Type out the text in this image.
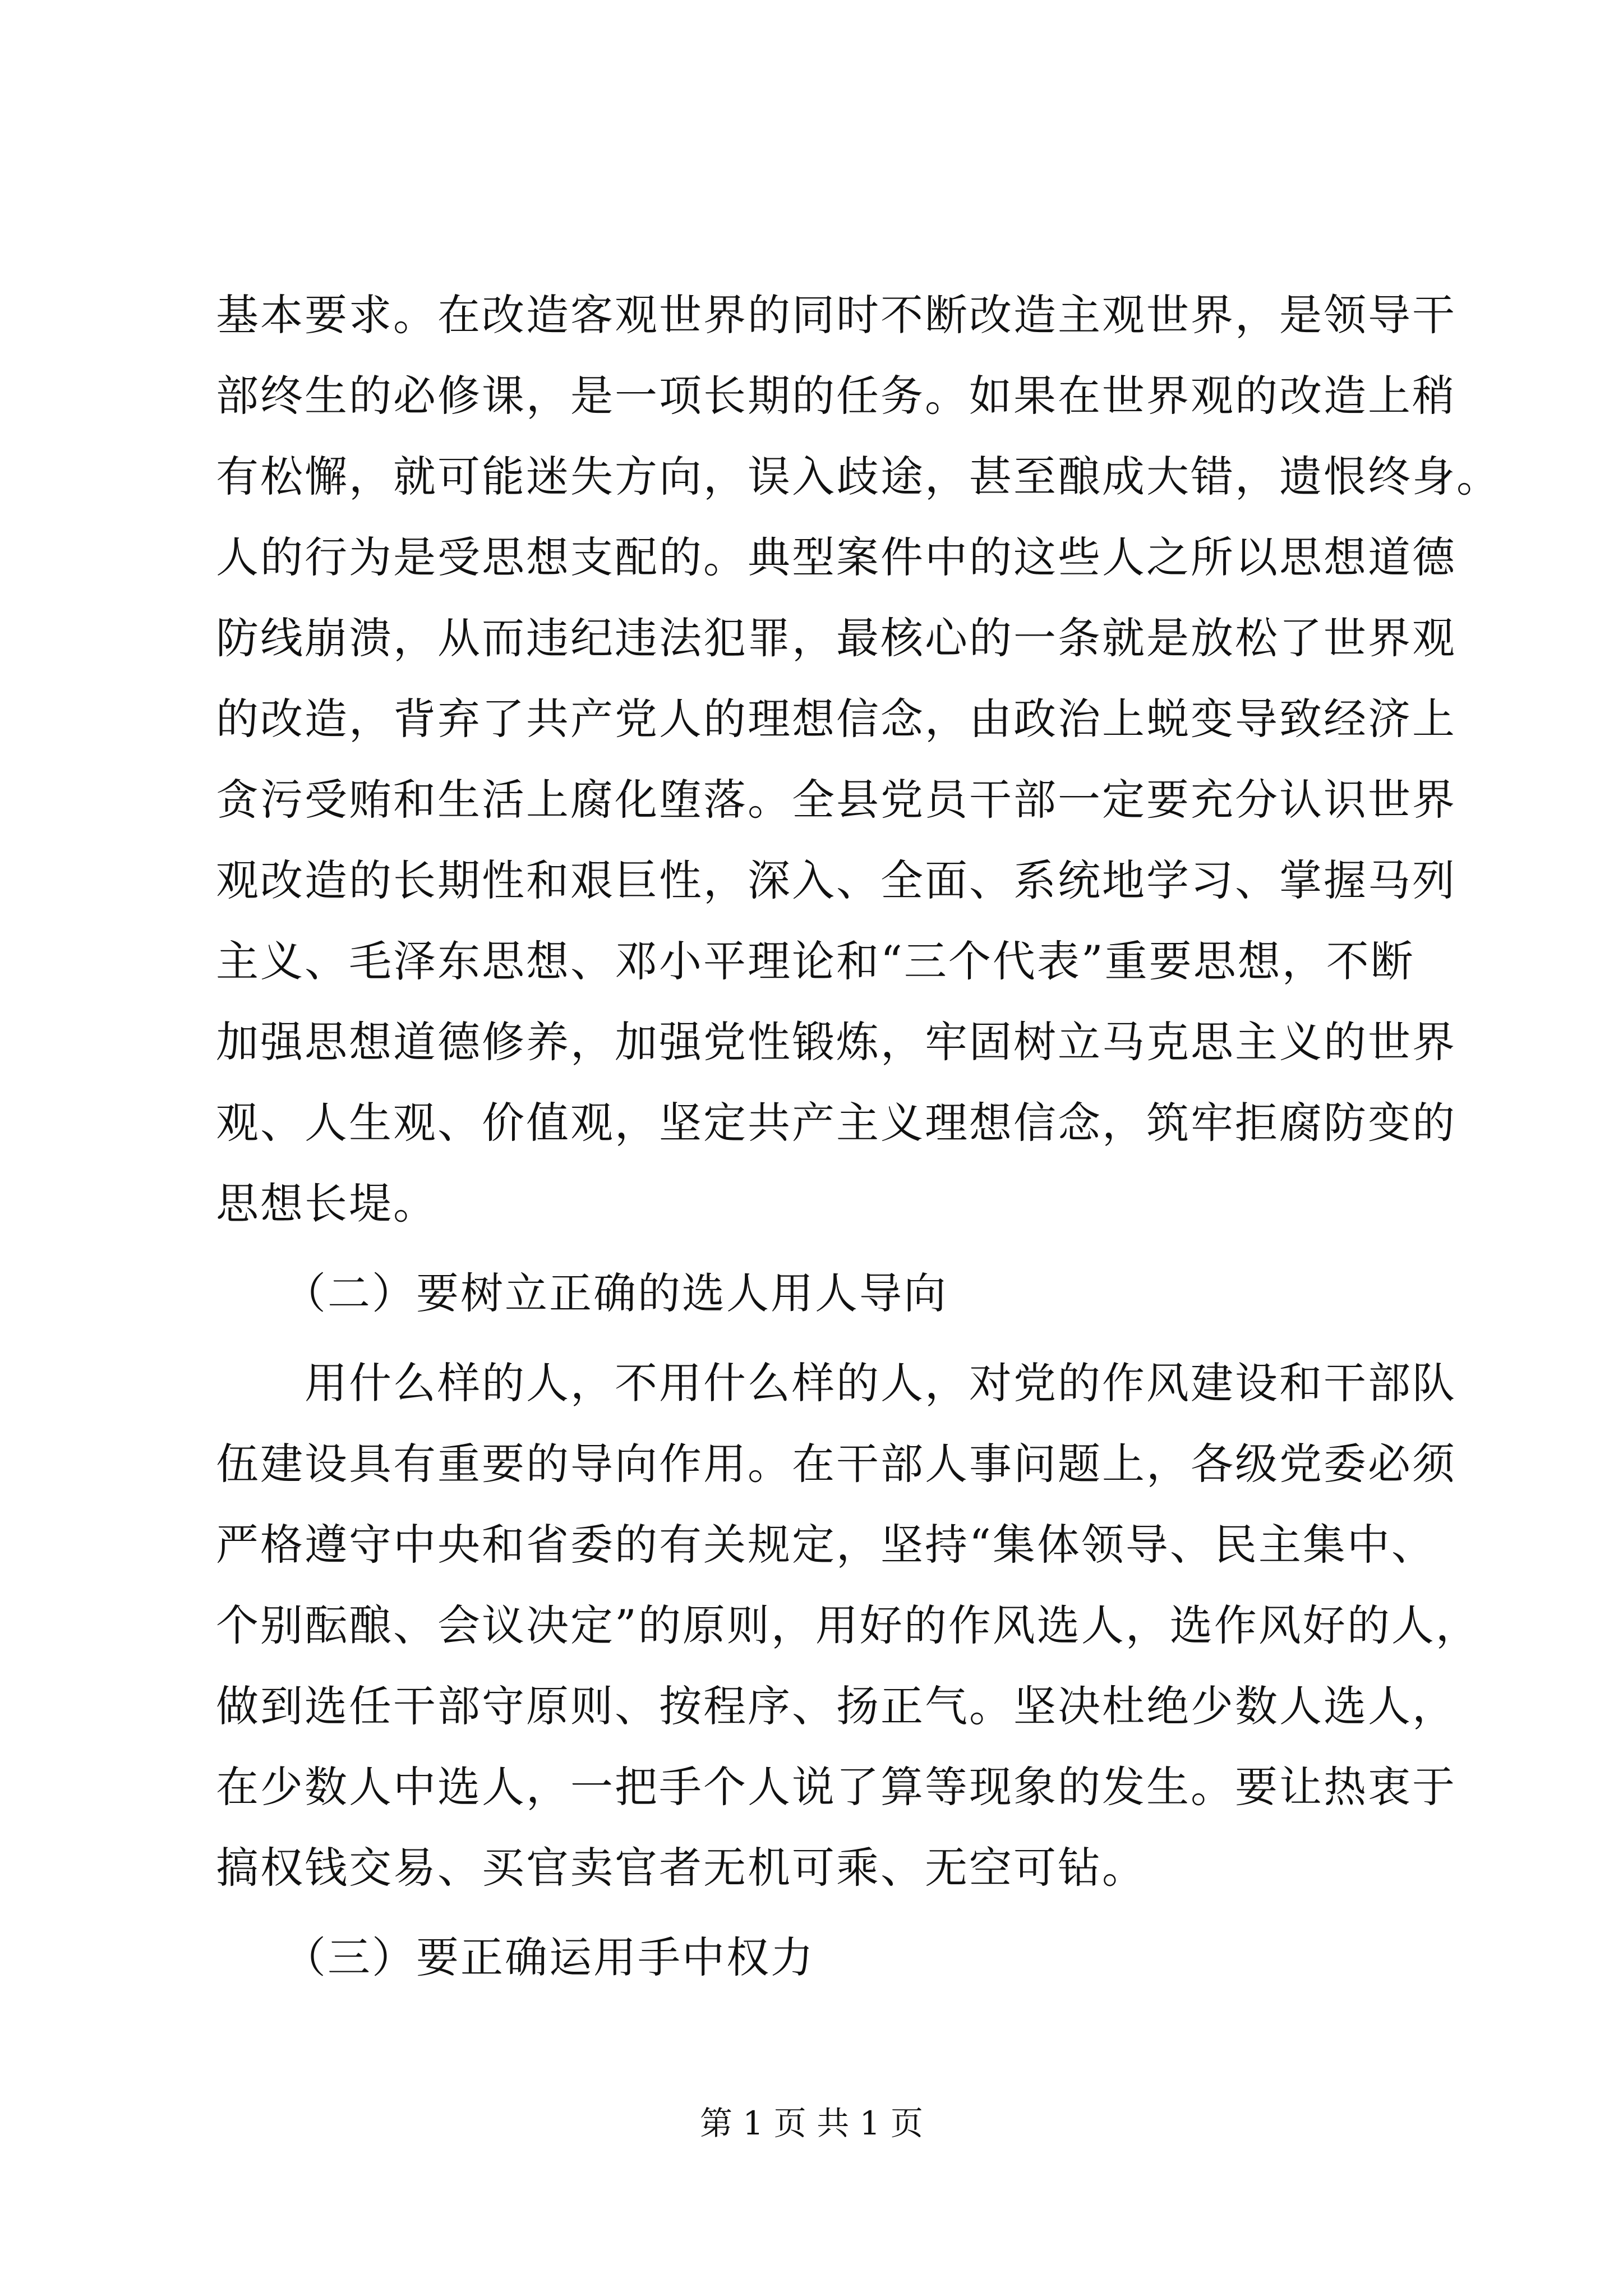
基本要求。在改造客观世界的同时不断改造主观世界，是领导干
部终生的必修课，是一项长期的任务。如果在世界观的改造上稍
有松懈，就可能迷失方向，误入歧途，甚至酿成大错，遗恨终身。
人的行为是受思想支配的。典型案件中的这些人之所以思想道德
防线崩溃，从而违纪违法犯罪，最核心的一条就是放松了世界观
的改造，背弃了共产党人的理想信念，由政治上蜕变导致经济上
贪污受贿和生活上腐化堕落。全县党员干部一定要充分认识世界
观改造的长期性和艰巨性，深入、全面、系统地学习、掌握马列
主义、毛泽东思想、邓小平理论和“三个代表”重要思想，不断
加强思想道德修养，加强党性锻炼，牢固树立马克思主义的世界
观、人生观、价值观，坚定共产主义理想信念，筑牢拒腐防变的
思想长堤。
　　（二）要树立正确的选人用人导向
　　用什么样的人，不用什么样的人，对党的作风建设和干部队
伍建设具有重要的导向作用。在干部人事问题上，各级党委必须
严格遵守中央和省委的有关规定，坚持“集体领导、民主集中、
个别酝酿、会议决定”的原则，用好的作风选人，选作风好的人，
做到选任干部守原则、按程序、扬正气。坚决杜绝少数人选人，
在少数人中选人，一把手个人说了算等现象的发生。要让热衷于
搞权钱交易、买官卖官者无机可乘、无空可钻。
　　（三）要正确运用手中权力
第 1 页 共 1 页
